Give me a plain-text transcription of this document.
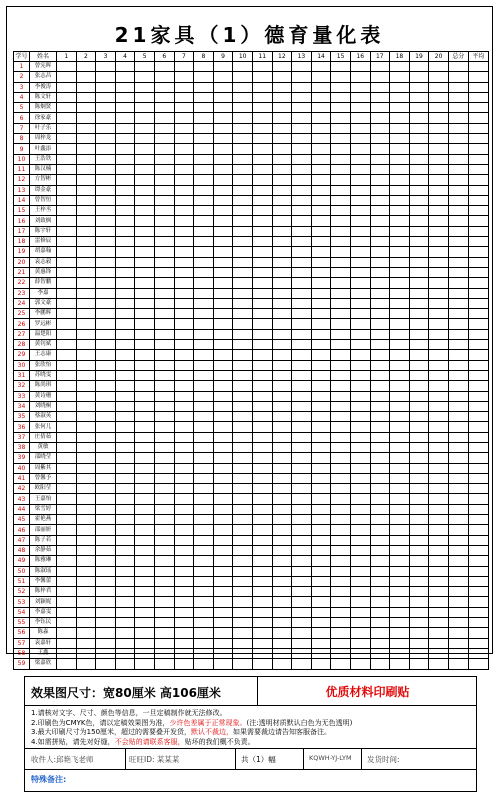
21家具（1）德育量化表
学号	姓名	1	2	3	4	5	6	7	8	9	10	11	12	13	14	15	16	17	18	19	20	总分	平均
1	曾宪晖																						
2	张志昌																						
3	李俊涛																						
4	陈文轩																						
5	陈炯贤																						
6	徐家豪																						
7	叶子乐																						
8	周梓龙																						
9	叶鑫添																						
10	王浩铁																						
11	陈汉楠																						
12	方智彬																						
13	谭金豪																						
14	曾智恒																						
15	王梓丞																						
16	刘致枫																						
17	陈宇轩																						
18	雷修辰																						
19	胡嘉翰																						
20	袁志毅																						
21	黄惠锋																						
22	薛智鹏																						
23	李嘉																						
24	郭文豪																						
25	李鹏辉																						
26	罗远彬																						
27	温楚阳																						
28	黄钊斌																						
29	王志康																						
30	张欣怡																						
31	苏晓雯																						
32	陈尚琪																						
33	黄诗珊																						
34	刘晓桐																						
35	蔡淑英																						
36	张何儿																						
37	庄倩茹																						
38	黄敏																						
39	邵晓莹																						
40	周紫其																						
41	曾馨予																						
42	欧阳莹																						
43	王嘉怡																						
44	梁雪婷																						
45	霍艳燕																						
46	邵丽妍																						
47	陈子若																						
48	余静茹																						
49	陈雅琳																						
50	陈淑瑶																						
51	李馨蕾																						
52	陈梓君																						
53	刘颖妮																						
54	李嘉雯																						
55	李钰民																						
56	陈淼																						
57	袁嘉轩																						
58	王鑫																						
59	梁嘉欣																						
效果图尺寸：宽80厘米 高106厘米	优质材料印刷贴
1.请核对文字、尺寸、颜色等信息，一旦定稿制作就无法修改。
2.印刷色为CMYK色，请以定稿效果图为准，少许色差属于正常现象。(注:透明材质默认白色为无色透明)
3.最大印刷尺寸为150厘米，超过的需要叠开发货，默认不裁边，如果需要裁边请告知客服备注。
4.如需拼贴，请先对好缝，不会贴的请联系客服，贴坏的我们概不负责。
收件人:邱艳飞老师	旺旺ID: 某某某	共（1）幅	KQWH-YJ-LYM 发货时间:
特殊备注:
